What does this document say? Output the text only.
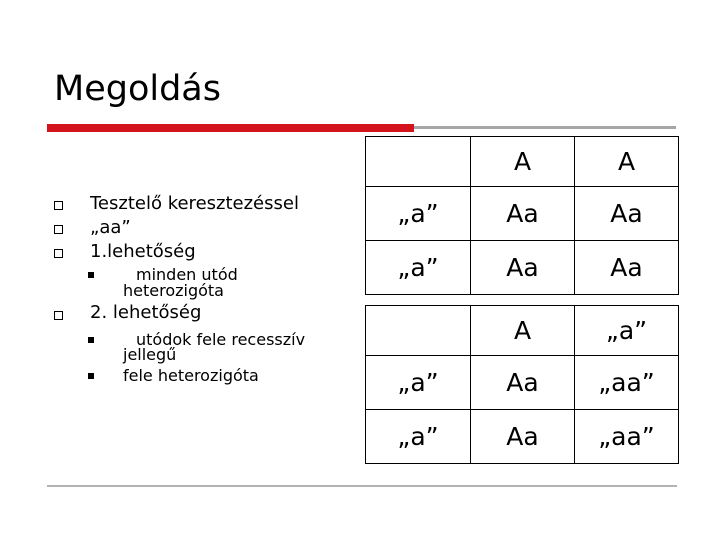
Megoldás
Tesztelő keresztezéssel
„aa”
1.lehetőség
minden utód
heterozigóta
2. lehetőség
utódok fele recesszív
jellegű
fele heterozigóta
	A	A
„a”	Aa	Aa
„a”	Aa	Aa
	A	„a”
„a”	Aa	„aa”
„a”	Aa	„aa”
